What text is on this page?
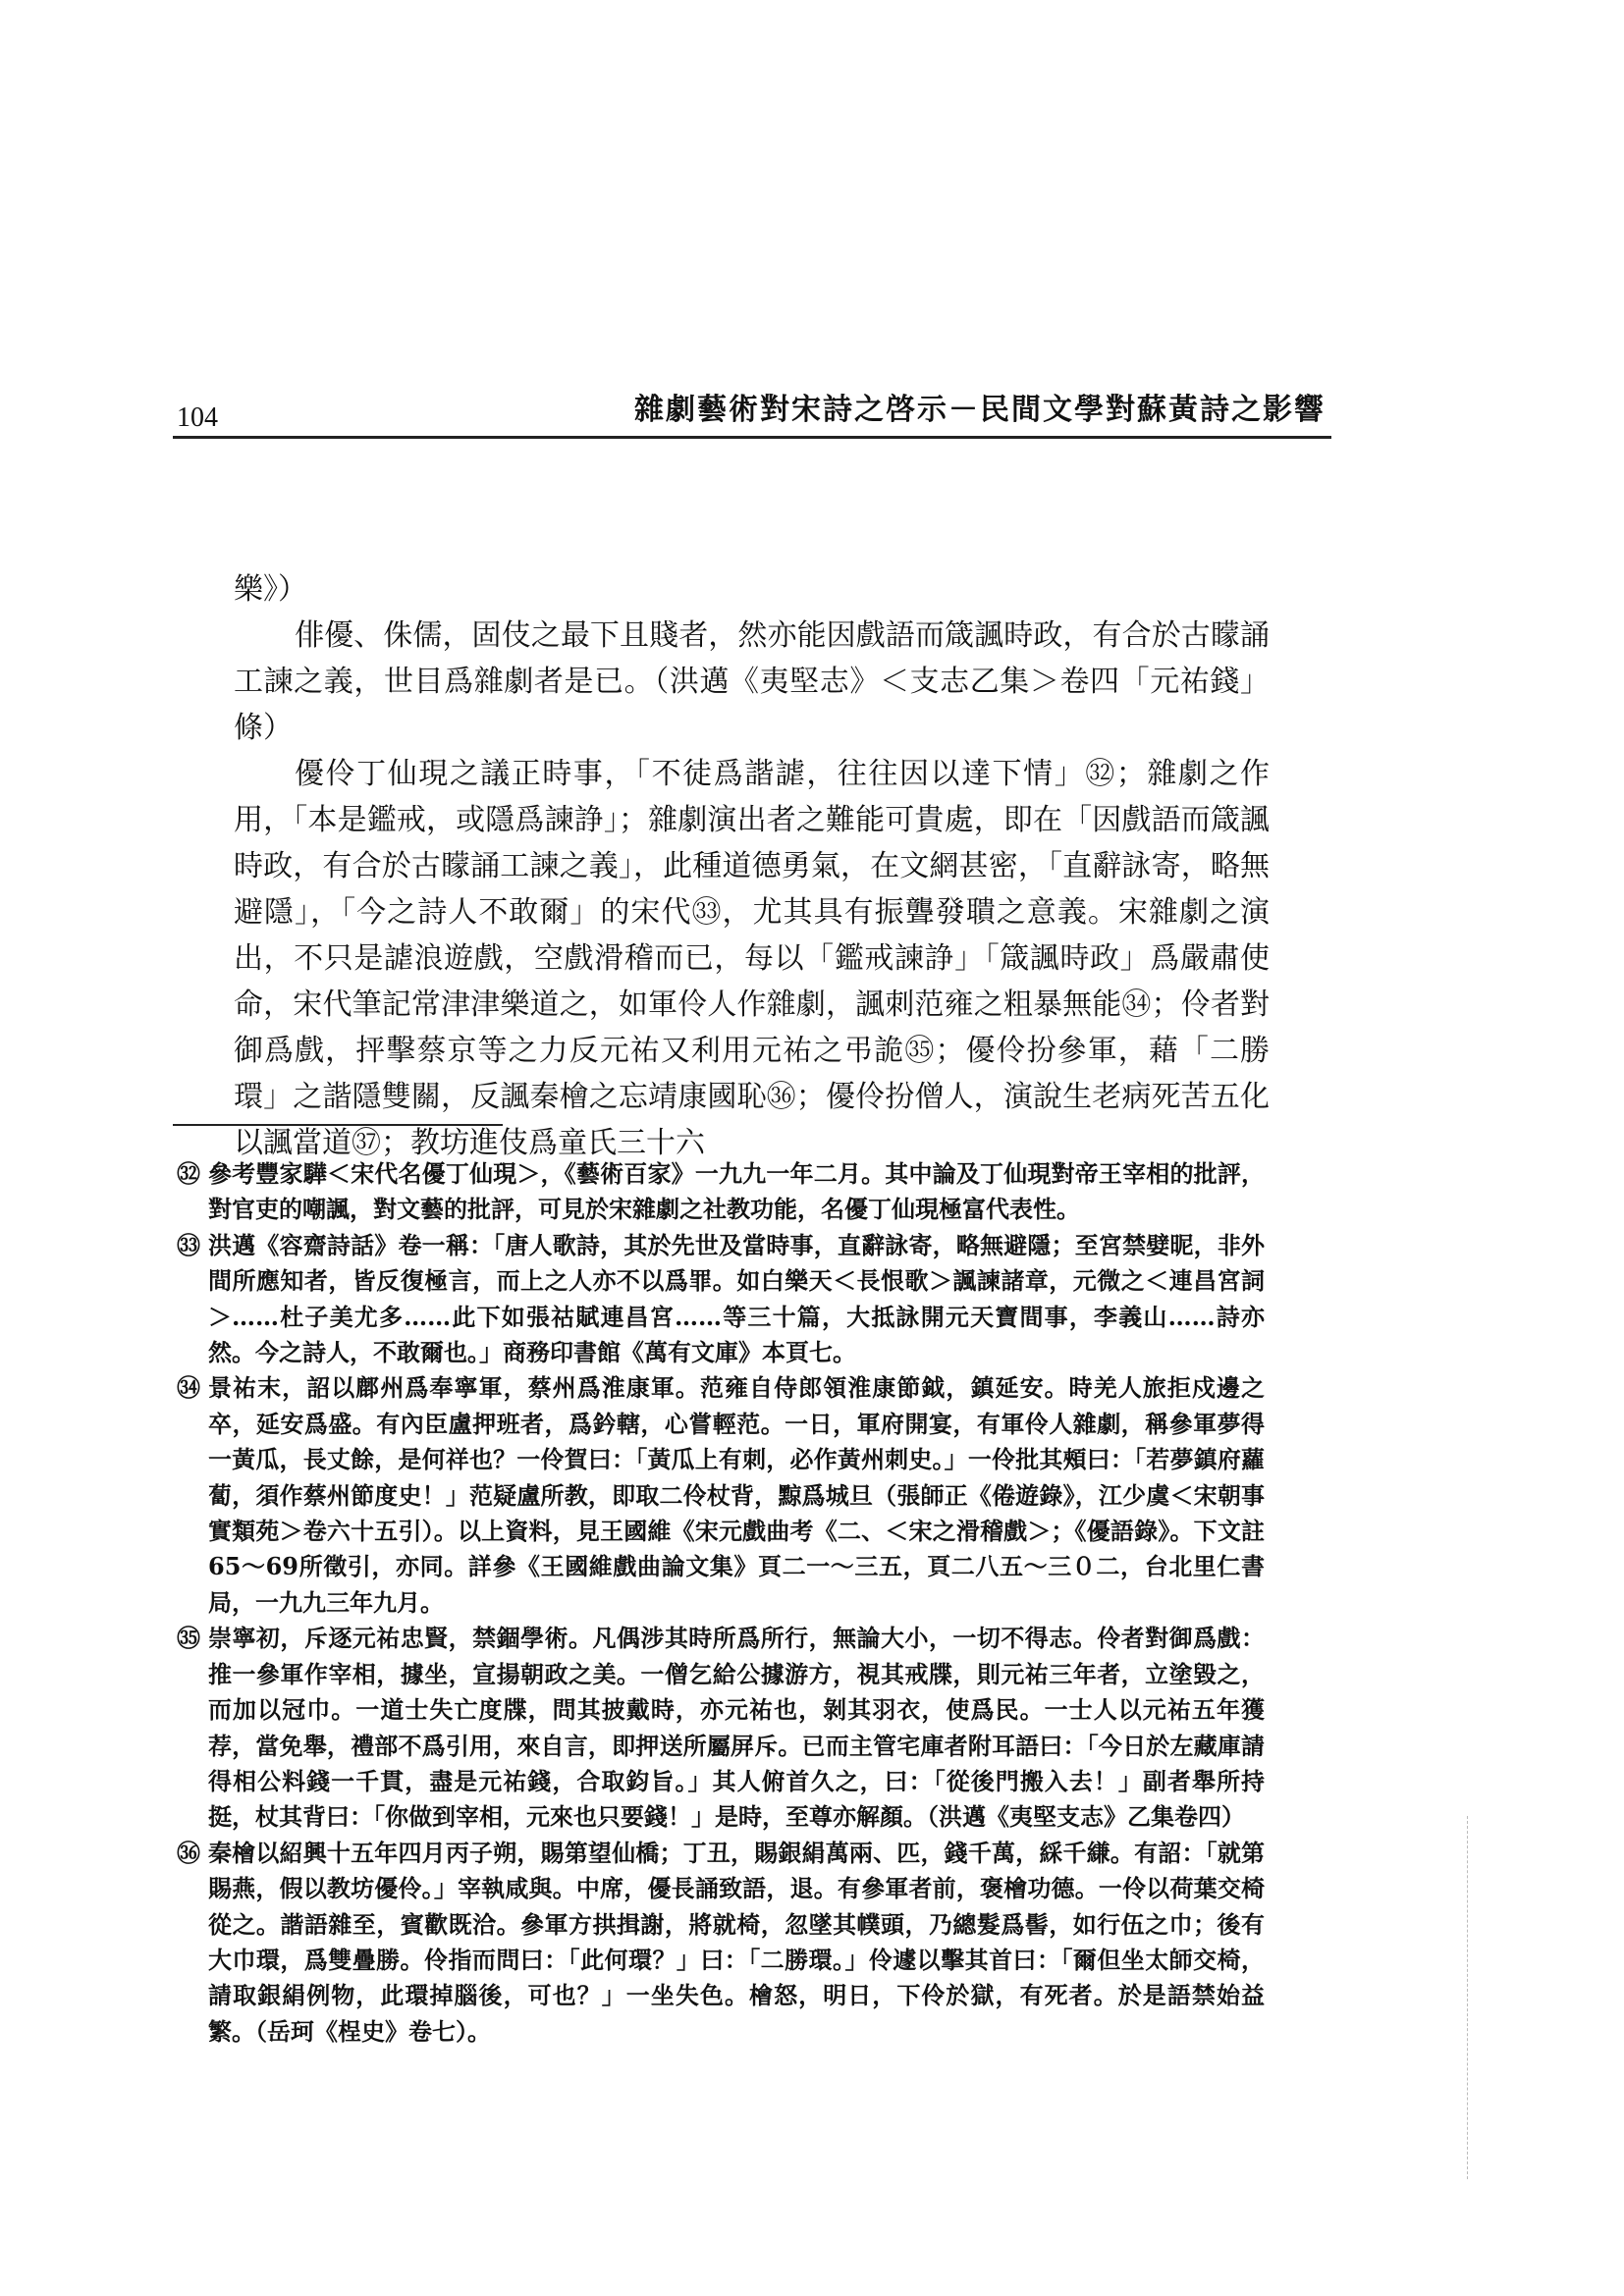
104	雜劇藝術對宋詩之啓示－民間文學對蘇黃詩之影響

樂》）

俳優、侏儒，固伎之最下且賤者，然亦能因戲語而箴諷時政，有合於古矇誦工諫之義，世目爲雜劇者是已。（洪邁《夷堅志》＜支志乙集＞卷四「元祐錢」條）

優伶丁仙現之議正時事，「不徒爲諧謔，往往因以達下情」㉜；雜劇之作用，「本是鑑戒，或隱爲諫諍」；雜劇演出者之難能可貴處，即在「因戲語而箴諷時政，有合於古矇誦工諫之義」，此種道德勇氣，在文網甚密，「直辭詠寄，略無避隱」，「今之詩人不敢爾」的宋代㉝，尤其具有振聾發聵之意義。宋雜劇之演出，不只是謔浪遊戲，空戲滑稽而已，每以「鑑戒諫諍」「箴諷時政」爲嚴肅使命，宋代筆記常津津樂道之，如軍伶人作雜劇，諷刺范雍之粗暴無能㉞；伶者對御爲戲，抨擊蔡京等之力反元祐又利用元祐之弔詭㉟；優伶扮參軍，藉「二勝環」之諧隱雙關，反諷秦檜之忘靖康國恥㊱；優伶扮僧人，演說生老病死苦五化以諷當道㊲；教坊進伎爲童氏三十六

㉜ 參考豐家驊＜宋代名優丁仙現＞，《藝術百家》一九九一年二月。其中論及丁仙現對帝王宰相的批評，對官吏的嘲諷，對文藝的批評，可見於宋雜劇之社教功能，名優丁仙現極富代表性。
㉝ 洪邁《容齋詩話》卷一稱：「唐人歌詩，其於先世及當時事，直辭詠寄，略無避隱；至宮禁嬖昵，非外間所應知者，皆反復極言，而上之人亦不以爲罪。如白樂天＜長恨歌＞諷諫諸章，元微之＜連昌宮詞＞……杜子美尤多……此下如張祜賦連昌宮……等三十篇，大抵詠開元天寶間事，李義山……詩亦然。今之詩人，不敢爾也。」商務印書館《萬有文庫》本頁七。
㉞ 景祐末，詔以鄜州爲奉寧軍，蔡州爲淮康軍。范雍自侍郎領淮康節鉞，鎮延安。時羌人旅拒戍邊之卒，延安爲盛。有內臣盧押班者，爲鈐轄，心嘗輕范。一日，軍府開宴，有軍伶人雜劇，稱參軍夢得一黃瓜，長丈餘，是何祥也？一伶賀曰：「黃瓜上有刺，必作黃州刺史。」一伶批其頰曰：「若夢鎮府蘿蔔，須作蔡州節度史！」范疑盧所教，即取二伶杖背，黥爲城旦（張師正《倦遊錄》，江少虞＜宋朝事實類苑＞卷六十五引）。以上資料，見王國維《宋元戲曲考《二、＜宋之滑稽戲＞；《優語錄》。下文註65～69所徵引，亦同。詳參《王國維戲曲論文集》頁二一～三五，頁二八五～三０二，台北里仁書局，一九九三年九月。
㉟ 崇寧初，斥逐元祐忠賢，禁錮學術。凡偶涉其時所爲所行，無論大小，一切不得志。伶者對御爲戲：推一參軍作宰相，據坐，宣揚朝政之美。一僧乞給公據游方，視其戒牒，則元祐三年者，立塗毀之，而加以冠巾。一道士失亡度牒，問其披戴時，亦元祐也，剝其羽衣，使爲民。一士人以元祐五年獲荐，當免舉，禮部不爲引用，來自言，即押送所屬屏斥。已而主管宅庫者附耳語曰：「今日於左藏庫請得相公料錢一千貫，盡是元祐錢，合取鈞旨。」其人俯首久之，曰：「從後門搬入去！」副者舉所持挺，杖其背曰：「你做到宰相，元來也只要錢！」是時，至尊亦解顏。（洪邁《夷堅支志》乙集卷四）
㊱ 秦檜以紹興十五年四月丙子朔，賜第望仙橋；丁丑，賜銀絹萬兩、匹，錢千萬，綵千縑。有詔：「就第賜燕，假以教坊優伶。」宰執咸與。中席，優長誦致語，退。有參軍者前，褒檜功德。一伶以荷葉交椅從之。諧語雜至，賓歡既洽。參軍方拱揖謝，將就椅，忽墜其幞頭，乃總髮爲髻，如行伍之巾；後有大巾環，爲雙疊勝。伶指而問曰：「此何環？」曰：「二勝環。」伶遽以擊其首曰：「爾但坐太師交椅，請取銀絹例物，此環掉腦後，可也？」一坐失色。檜怒，明日，下伶於獄，有死者。於是語禁始益繁。（岳珂《桯史》卷七）。
